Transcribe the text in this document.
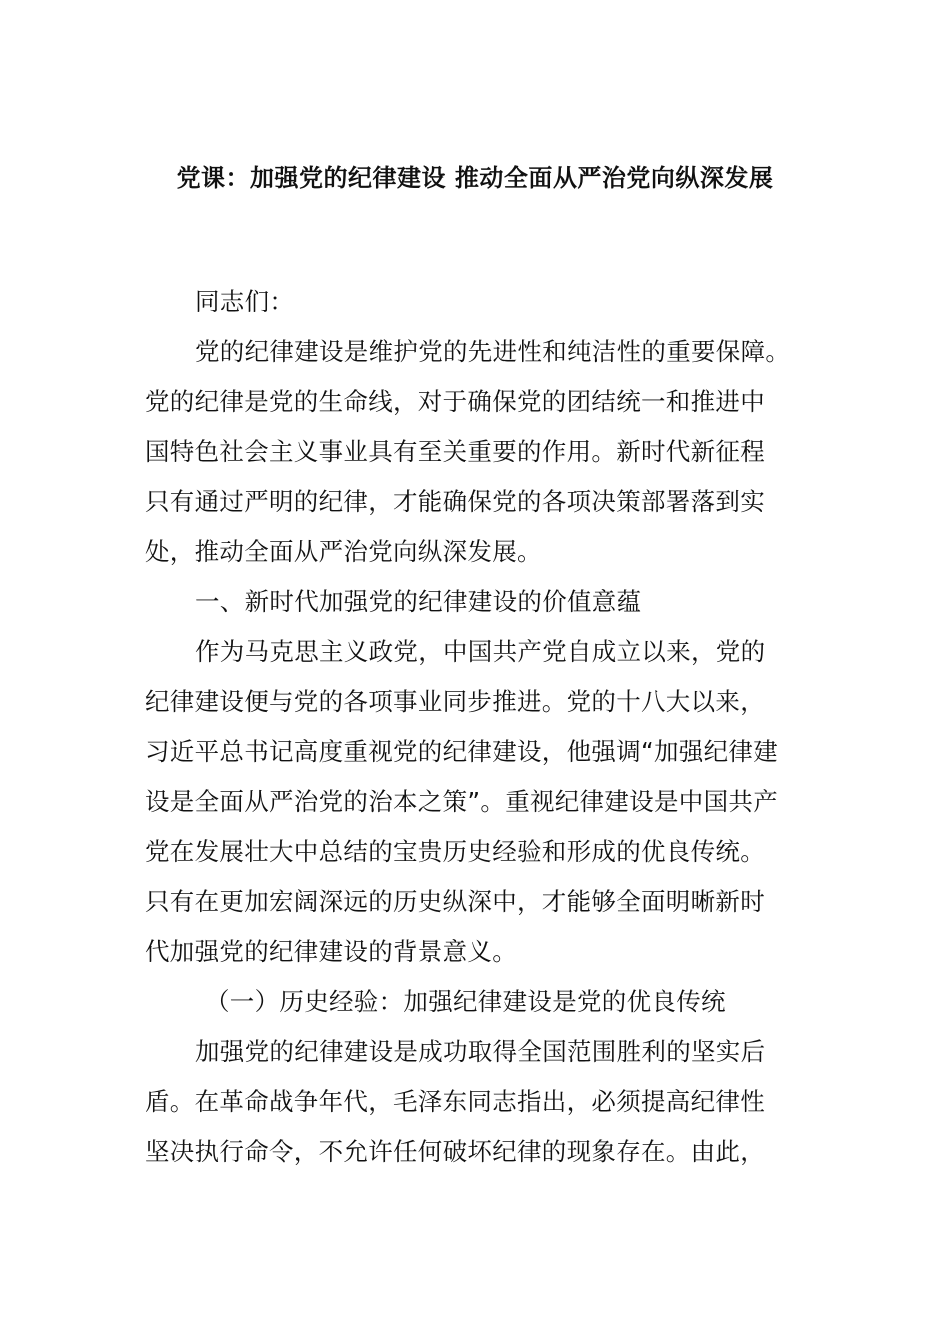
党课：加强党的纪律建设 推动全面从严治党向纵深发展
同志们：
党的纪律建设是维护党的先进性和纯洁性的重要保障。
党的纪律是党的生命线，对于确保党的团结统一和推进中
国特色社会主义事业具有至关重要的作用。新时代新征程
只有通过严明的纪律，才能确保党的各项决策部署落到实
处，推动全面从严治党向纵深发展。
一、新时代加强党的纪律建设的价值意蕴
作为马克思主义政党，中国共产党自成立以来，党的
纪律建设便与党的各项事业同步推进。党的十八大以来，
习近平总书记高度重视党的纪律建设，他强调“加强纪律建
设是全面从严治党的治本之策”。重视纪律建设是中国共产
党在发展壮大中总结的宝贵历史经验和形成的优良传统。
只有在更加宏阔深远的历史纵深中，才能够全面明晰新时
代加强党的纪律建设的背景意义。
（一）历史经验：加强纪律建设是党的优良传统
加强党的纪律建设是成功取得全国范围胜利的坚实后
盾。在革命战争年代，毛泽东同志指出，必须提高纪律性
坚决执行命令，不允许任何破坏纪律的现象存在。由此，
